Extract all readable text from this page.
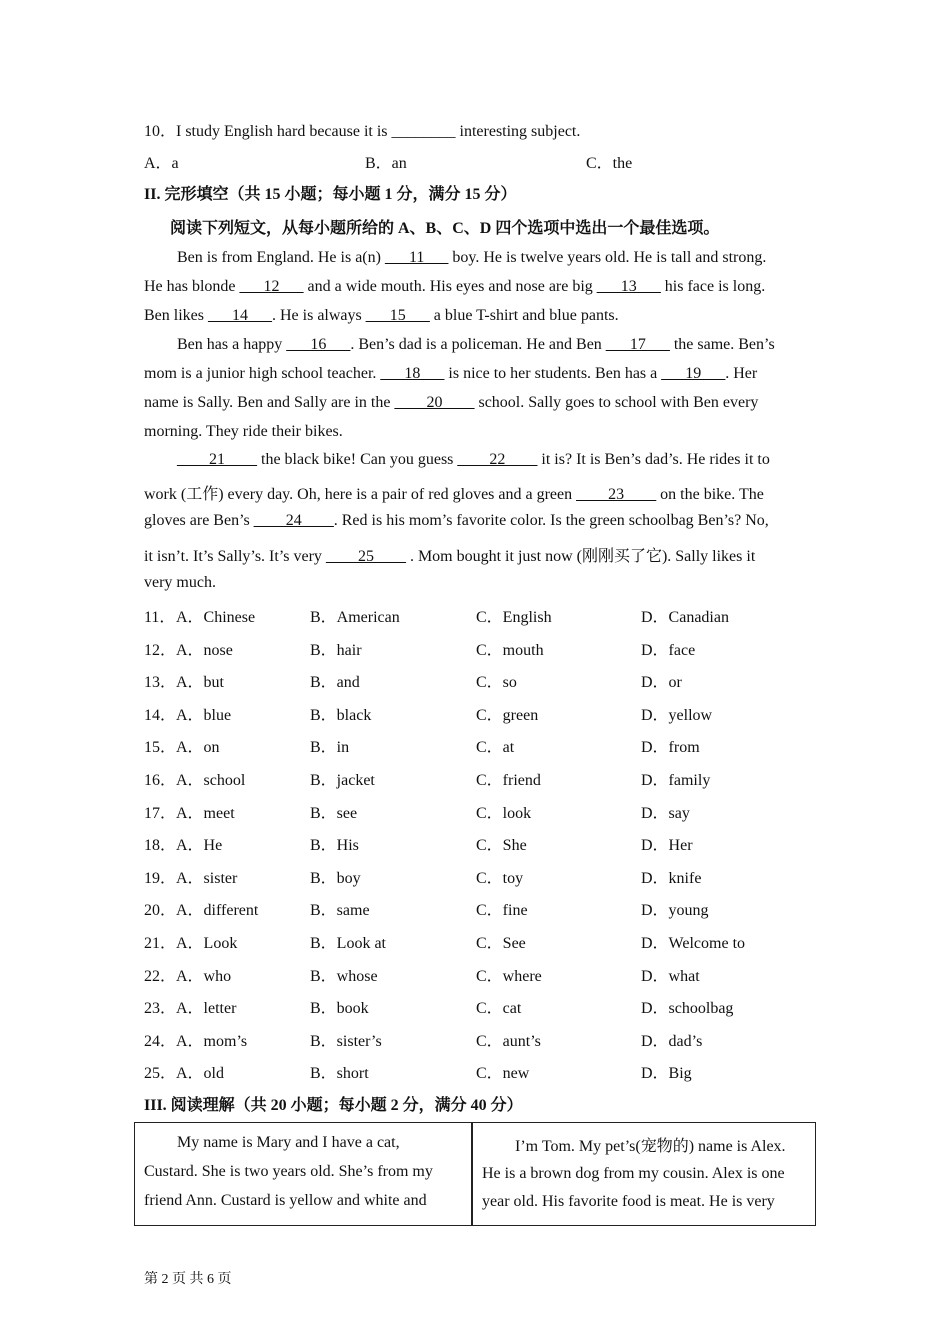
10．I study English hard because it is ________ interesting subject.
A．a	B．an	C．the
II. 完形填空（共 15 小题；每小题 1 分，满分 15 分）
阅读下列短文，从每小题所给的 A、B、C、D 四个选项中选出一个最佳选项。
Ben is from England. He is a(n) ___11___ boy. He is twelve years old. He is tall and strong.
He has blonde ___12___ and a wide mouth. His eyes and nose are big ___13___ his face is long.
Ben likes ___14___. He is always ___15___ a blue T-shirt and blue pants.
Ben has a happy ___16___. Ben’s dad is a policeman. He and Ben ___17___ the same. Ben’s
mom is a junior high school teacher. ___18___ is nice to her students. Ben has a ___19___. Her
name is Sally. Ben and Sally are in the ____20____ school. Sally goes to school with Ben every
morning. They ride their bikes.
____21____ the black bike! Can you guess ____22____ it is? It is Ben’s dad’s. He rides it to
work (工作) every day. Oh, here is a pair of red gloves and a green ____23____ on the bike. The
gloves are Ben’s ____24____. Red is his mom’s favorite color. Is the green schoolbag Ben’s? No,
it isn’t. It’s Sally’s. It’s very ____25____ . Mom bought it just now (刚刚买了它). Sally likes it
very much.
11． A．Chinese	B．American	C．English	D．Canadian
12． A．nose	B．hair	C．mouth	D．face
13． A．but	B．and	C．so	D．or
14． A．blue	B．black	C．green	D．yellow
15． A．on	B．in	C．at	D．from
16． A．school	B．jacket	C．friend	D．family
17． A．meet	B．see	C．look	D．say
18． A．He	B．His	C．She	D．Her
19． A．sister	B．boy	C．toy	D．knife
20． A．different	B．same	C．fine	D．young
21． A．Look	B．Look at	C．See	D．Welcome to
22． A．who	B．whose	C．where	D．what
23． A．letter	B．book	C．cat	D．schoolbag
24． A．mom’s	B．sister’s	C．aunt’s	D．dad’s
25． A．old	B．short	C．new	D．Big
III. 阅读理解（共 20 小题；每小题 2 分，满分 40 分）
My name is Mary and I have a cat,
Custard. She is two years old. She’s from my
friend Ann. Custard is yellow and white and
I’m Tom. My pet’s(宠物的) name is Alex.
He is a brown dog from my cousin. Alex is one
year old. His favorite food is meat. He is very
第 2 页 共 6 页
